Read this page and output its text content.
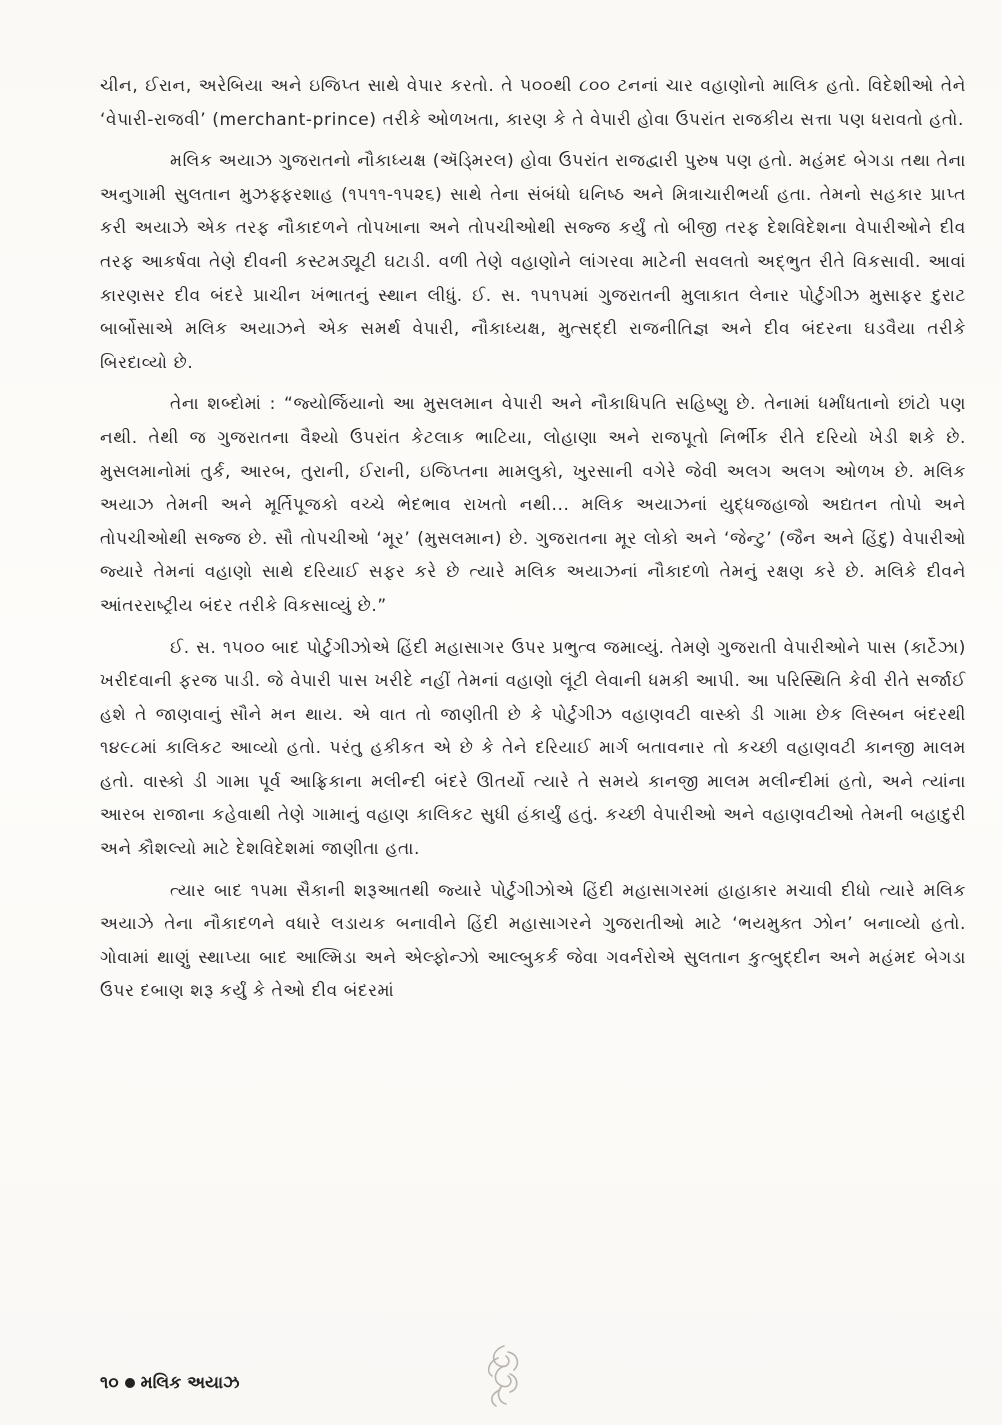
ચીન, ઈરાન, અરેબિયા અને ઇજિપ્ત સાથે વેપાર કરતો. તે ૫૦૦થી ૮૦૦ ટનનાં ચાર વહાણોનો માલિક હતો. વિદેશીઓ તેને ‘વેપારી-રાજવી’ (merchant-prince) તરીકે ઓળખતા, કારણ કે તે વેપારી હોવા ઉપરાંત રાજકીય સત્તા પણ ધરાવતો હતો.

મલિક અયાઝ ગુજરાતનો નૌકાધ્યક્ષ (ઍડ્મિરલ) હોવા ઉપરાંત રાજદ્વારી પુરુષ પણ હતો. મહંમદ બેગડા તથા તેના અનુગામી સુલતાન મુઝફ્ફરશાહ (૧૫૧૧-૧૫૨૬) સાથે તેના સંબંધો ઘનિષ્ઠ અને મિત્રાચારીભર્યા હતા. તેમનો સહકાર પ્રાપ્ત કરી અયાઝે એક તરફ નૌકાદળને તોપખાના અને તોપચીઓથી સજ્જ કર્યું તો બીજી તરફ દેશવિદેશના વેપારીઓને દીવ તરફ આકર્ષવા તેણે દીવની કસ્ટમડ્યૂટી ઘટાડી. વળી તેણે વહાણોને લાંગરવા માટેની સવલતો અદ્ભુત રીતે વિકસાવી. આવાં કારણસર દીવ બંદરે પ્રાચીન ખંભાતનું સ્થાન લીધું. ઈ. સ. ૧૫૧૫માં ગુજરાતની મુલાકાત લેનાર પોર્ટુગીઝ મુસાફર દુરાટ બાર્બોસાએ મલિક અયાઝને એક સમર્થ વેપારી, નૌકાધ્યક્ષ, મુત્સદ્દી રાજનીતિજ્ઞ અને દીવ બંદરના ઘડવૈયા તરીકે બિરદાવ્યો છે.

તેના શબ્દોમાં : “જ્યોર્જિયાનો આ મુસલમાન વેપારી અને નૌકાધિપતિ સહિષ્ણુ છે. તેનામાં ધર્માંધતાનો છાંટો પણ નથી. તેથી જ ગુજરાતના વૈશ્યો ઉપરાંત કેટલાક ભાટિયા, લોહાણા અને રાજપૂતો નિર્ભીક રીતે દરિયો ખેડી શકે છે. મુસલમાનોમાં તુર્ક, આરબ, તુરાની, ઈરાની, ઇજિપ્તના મામલુકો, ખુરસાની વગેરે જેવી અલગ અલગ ઓળખ છે. મલિક અયાઝ તેમની અને મૂર્તિપૂજકો વચ્ચે ભેદભાવ રાખતો નથી... મલિક અયાઝનાં યુદ્ધજહાજો અદ્યતન તોપો અને તોપચીઓથી સજ્જ છે. સૌ તોપચીઓ ‘મૂર’ (મુસલમાન) છે. ગુજરાતના મૂર લોકો અને ‘જેન્ટુ’ (જૈન અને હિંદુ) વેપારીઓ જ્યારે તેમનાં વહાણો સાથે દરિયાઈ સફર કરે છે ત્યારે મલિક અયાઝનાં નૌકાદળો તેમનું રક્ષણ કરે છે. મલિકે દીવને આંતરરાષ્ટ્રીય બંદર તરીકે વિકસાવ્યું છે.”

ઈ. સ. ૧૫૦૦ બાદ પોર્ટુગીઝોએ હિંદી મહાસાગર ઉપર પ્રભુત્વ જમાવ્યું. તેમણે ગુજરાતી વેપારીઓને પાસ (કાર્ટેઝા) ખરીદવાની ફરજ પાડી. જે વેપારી પાસ ખરીદે નહીં તેમનાં વહાણો લૂંટી લેવાની ધમકી આપી. આ પરિસ્થિતિ કેવી રીતે સર્જાઈ હશે તે જાણવાનું સૌને મન થાય. એ વાત તો જાણીતી છે કે પોર્ટુગીઝ વહાણવટી વાસ્કો ડી ગામા છેક લિસ્બન બંદરથી ૧૪૯૮માં કાલિકટ આવ્યો હતો. પરંતુ હકીકત એ છે કે તેને દરિયાઈ માર્ગ બતાવનાર તો કચ્છી વહાણવટી કાનજી માલમ હતો. વાસ્કો ડી ગામા પૂર્વ આફ્રિકાના મલીન્દી બંદરે ઊતર્યો ત્યારે તે સમયે કાનજી માલમ મલીન્દીમાં હતો, અને ત્યાંના આરબ રાજાના કહેવાથી તેણે ગામાનું વહાણ કાલિકટ સુધી હંકાર્યું હતું. કચ્છી વેપારીઓ અને વહાણવટીઓ તેમની બહાદુરી અને કૌશલ્યો માટે દેશવિદેશમાં જાણીતા હતા.

ત્યાર બાદ ૧૫મા સૈકાની શરૂઆતથી જ્યારે પોર્ટુગીઝોએ હિંદી મહાસાગરમાં હાહાકાર મચાવી દીધો ત્યારે મલિક અયાઝે તેના નૌકાદળને વધારે લડાયક બનાવીને હિંદી મહાસાગરને ગુજરાતીઓ માટે ‘ભયમુક્ત ઝોન’ બનાવ્યો હતો. ગોવામાં થાણું સ્થાપ્યા બાદ આલ્મિડા અને એલ્ફોન્ઝો આલ્બુકર્ક જેવા ગવર્નરોએ સુલતાન કુત્બુદ્દીન અને મહંમદ બેગડા ઉપર દબાણ શરૂ કર્યું કે તેઓ દીવ બંદરમાં

૧૦ મલિક અયાઝ
